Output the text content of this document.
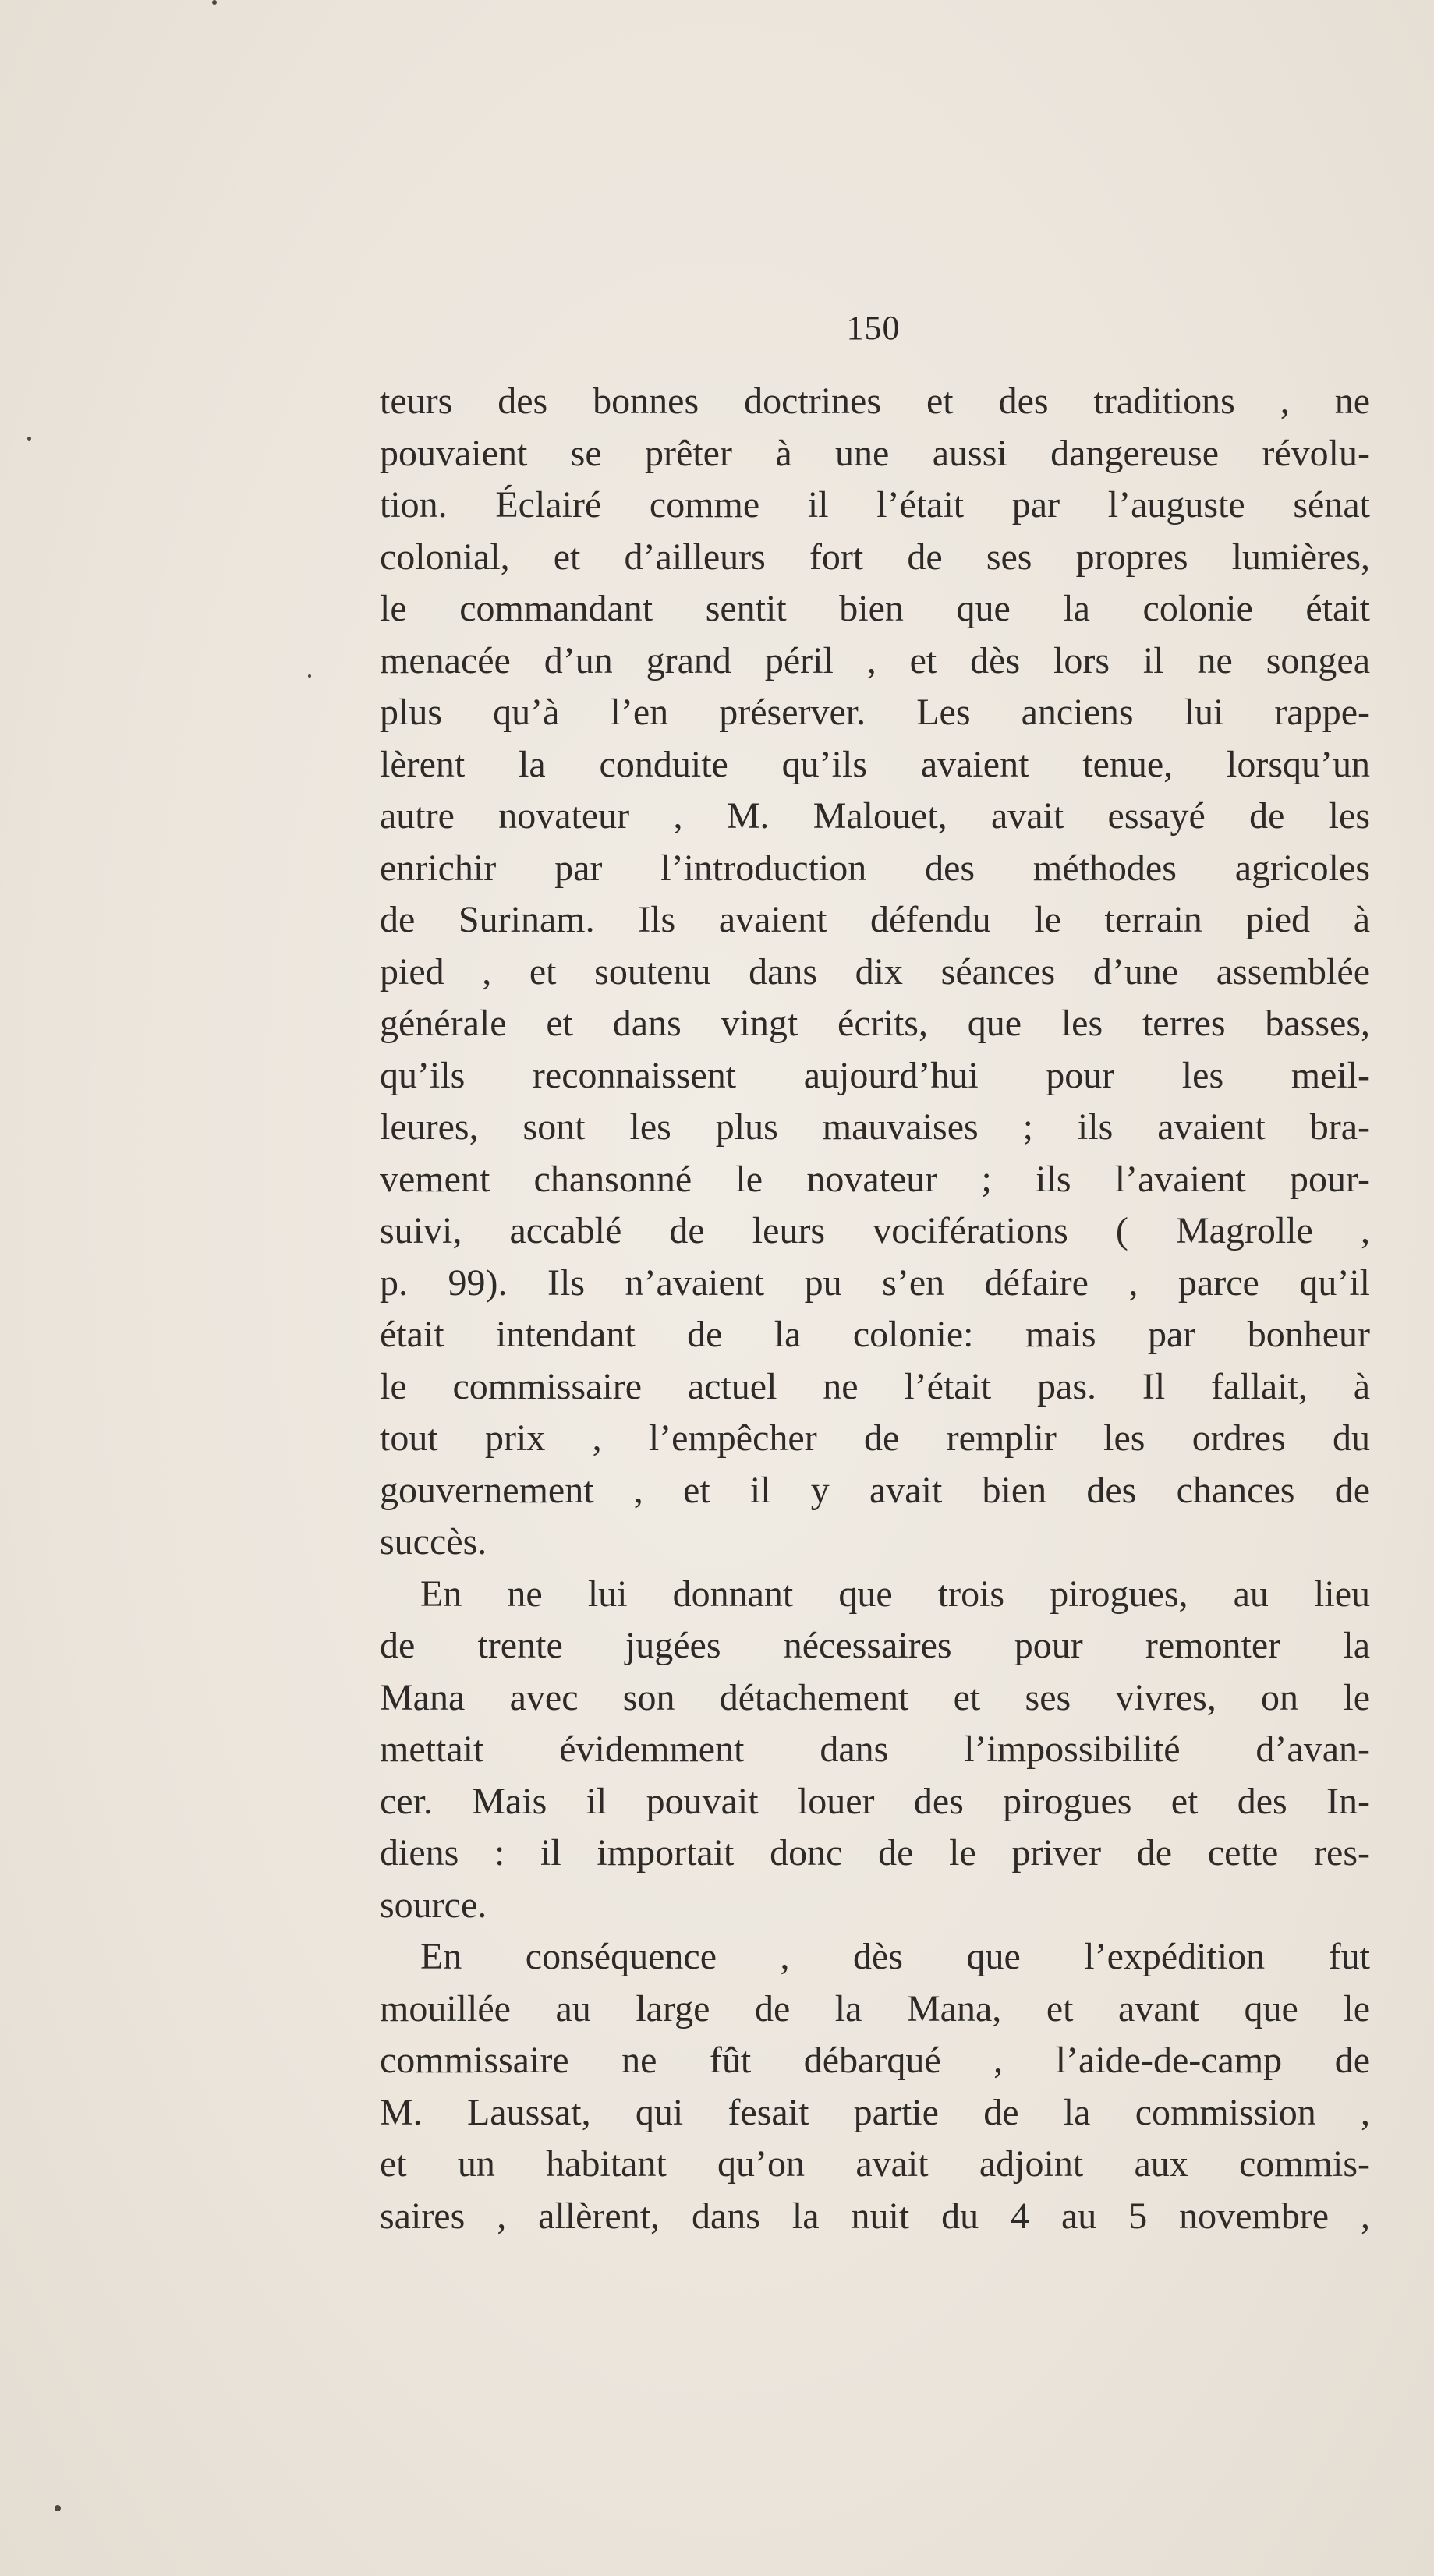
150
teurs des bonnes doctrines et des traditions , ne
pouvaient se prêter à une aussi dangereuse révolu-
tion. Éclairé comme il l’était par l’auguste sénat
colonial, et d’ailleurs fort de ses propres lumières,
le commandant sentit bien que la colonie était
menacée d’un grand péril , et dès lors il ne songea
plus qu’à l’en préserver. Les anciens lui rappe-
lèrent la conduite qu’ils avaient tenue, lorsqu’un
autre novateur , M. Malouet, avait essayé de les
enrichir par l’introduction des méthodes agricoles
de Surinam. Ils avaient défendu le terrain pied à
pied , et soutenu dans dix séances d’une assemblée
générale et dans vingt écrits, que les terres basses,
qu’ils reconnaissent aujourd’hui pour les meil-
leures, sont les plus mauvaises ; ils avaient bra-
vement chansonné le novateur ; ils l’avaient pour-
suivi, accablé de leurs vociférations ( Magrolle ,
p. 99). Ils n’avaient pu s’en défaire , parce qu’il
était intendant de la colonie: mais par bonheur
le commissaire actuel ne l’était pas. Il fallait, à
tout prix , l’empêcher de remplir les ordres du
gouvernement , et il y avait bien des chances de
succès.
En ne lui donnant que trois pirogues, au lieu
de trente jugées nécessaires pour remonter la
Mana avec son détachement et ses vivres, on le
mettait évidemment dans l’impossibilité d’avan-
cer. Mais il pouvait louer des pirogues et des In-
diens : il importait donc de le priver de cette res-
source.
En conséquence , dès que l’expédition fut
mouillée au large de la Mana, et avant que le
commissaire ne fût débarqué , l’aide-de-camp de
M. Laussat, qui fesait partie de la commission ,
et un habitant qu’on avait adjoint aux commis-
saires , allèrent, dans la nuit du 4 au 5 novembre ,
